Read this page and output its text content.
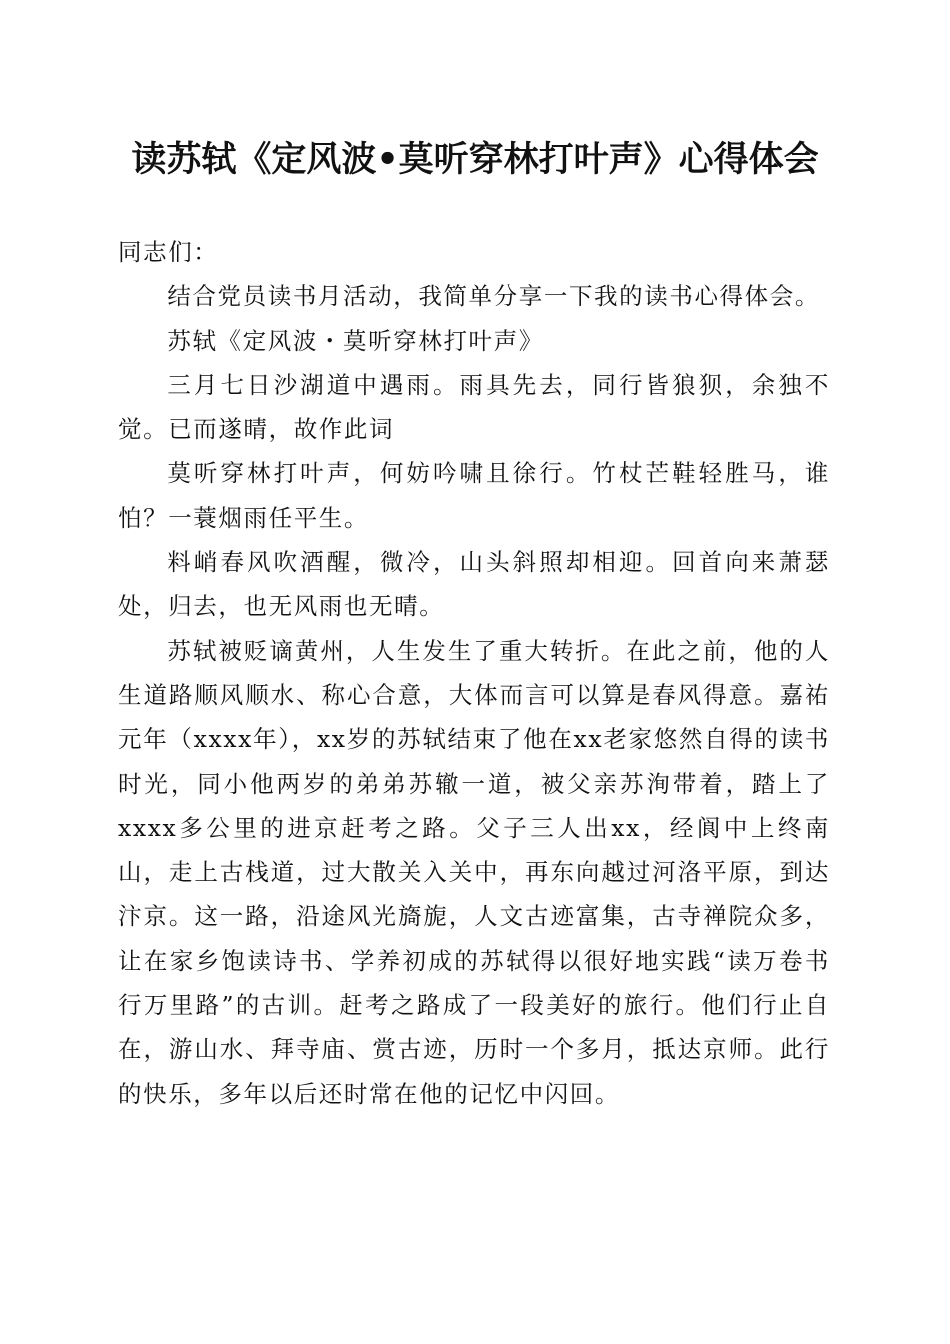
读苏轼《定风波•莫听穿林打叶声》心得体会

同志们：

结合党员读书月活动，我简单分享一下我的读书心得体会。

苏轼《定风波・莫听穿林打叶声》

三月七日沙湖道中遇雨。雨具先去，同行皆狼狈，余独不觉。已而遂晴，故作此词

莫听穿林打叶声，何妨吟啸且徐行。竹杖芒鞋轻胜马，谁怕？一蓑烟雨任平生。

料峭春风吹酒醒，微冷，山头斜照却相迎。回首向来萧瑟处，归去，也无风雨也无晴。

苏轼被贬谪黄州，人生发生了重大转折。在此之前，他的人生道路顺风顺水、称心合意，大体而言可以算是春风得意。嘉祐元年（xxxx年），xx岁的苏轼结束了他在xx老家悠然自得的读书时光，同小他两岁的弟弟苏辙一道，被父亲苏洵带着，踏上了xxxx多公里的进京赶考之路。父子三人出xx，经阆中上终南山，走上古栈道，过大散关入关中，再东向越过河洛平原，到达汴京。这一路，沿途风光旖旎，人文古迹富集，古寺禅院众多，让在家乡饱读诗书、学养初成的苏轼得以很好地实践“读万卷书行万里路”的古训。赶考之路成了一段美好的旅行。他们行止自在，游山水、拜寺庙、赏古迹，历时一个多月，抵达京师。此行的快乐，多年以后还时常在他的记忆中闪回。
